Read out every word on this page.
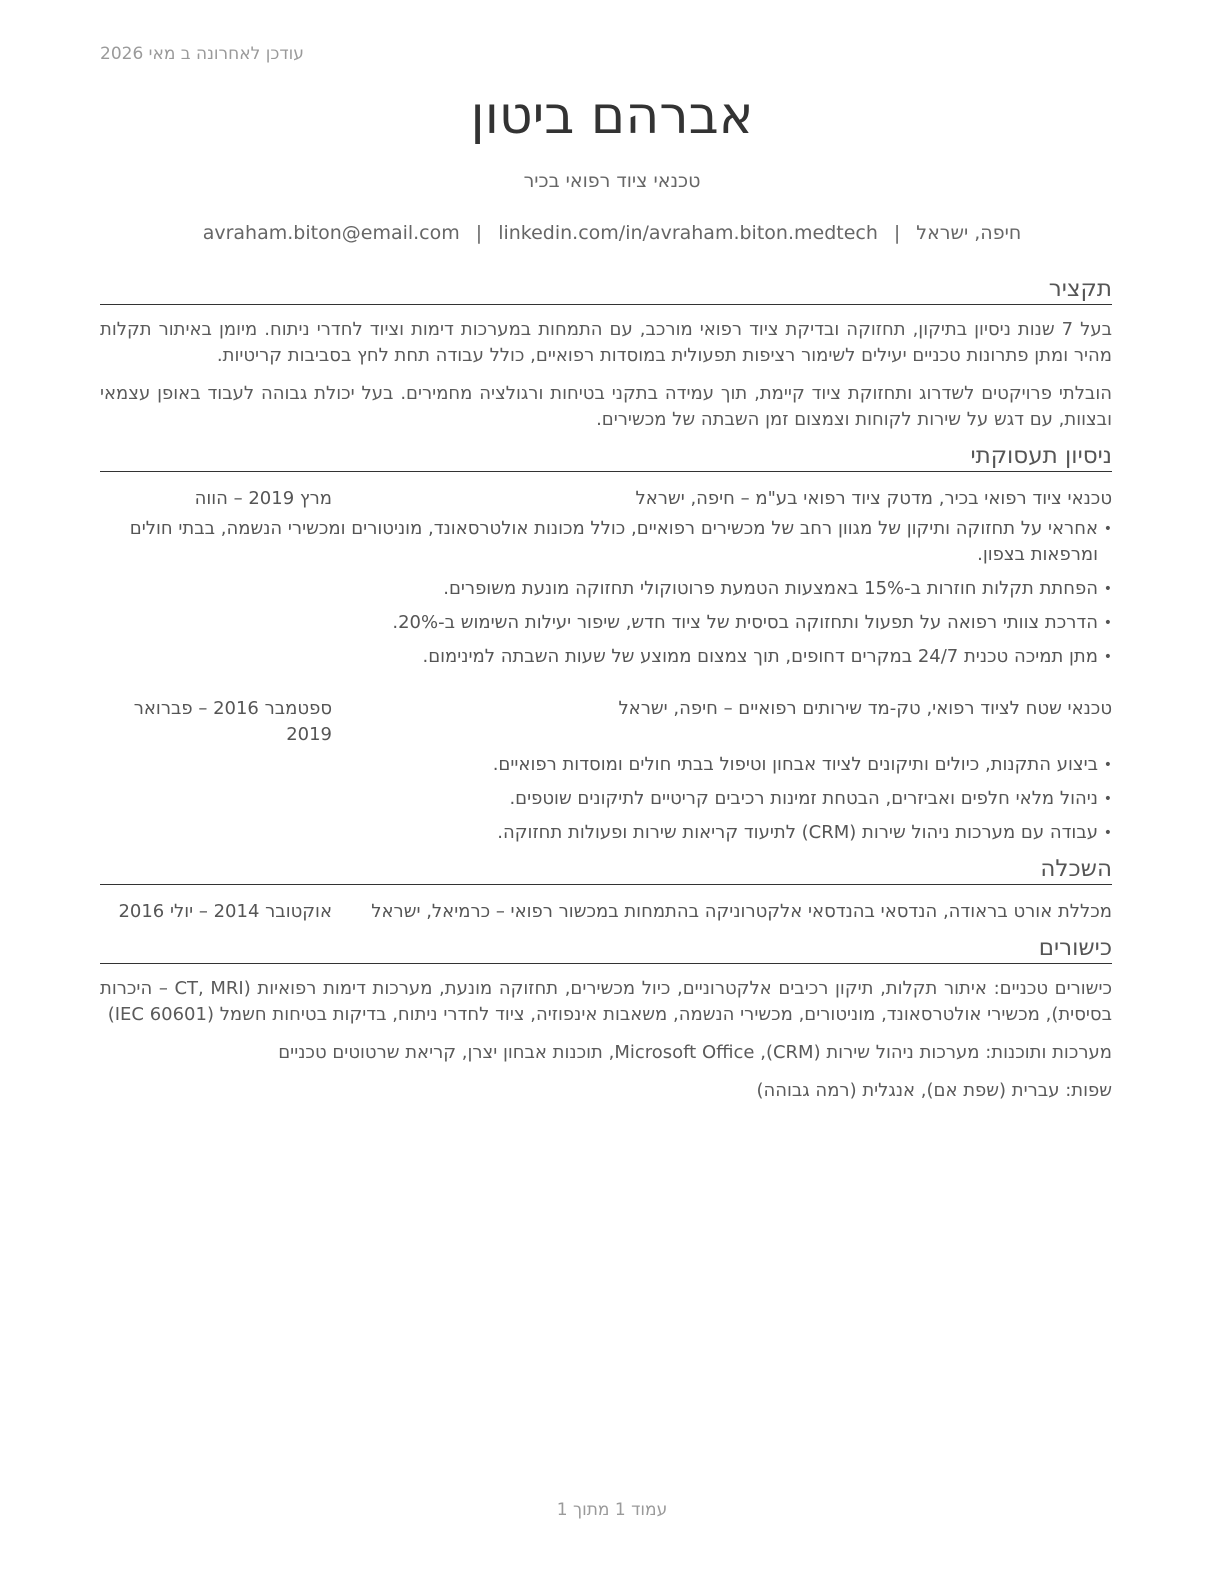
עודכן לאחרונה ב מאי 2026
אברהם ביטון
טכנאי ציוד רפואי בכיר
חיפה, ישראל|avraham.biton@email.com | linkedin.com/in/avraham.biton.medtech
תקציר

בעל 7 שנות ניסיון בתיקון, תחזוקה ובדיקת ציוד רפואי מורכב, עם התמחות במערכות דימות וציוד לחדרי ניתוח. מיומן באיתור תקלות מהיר ומתן פתרונות טכניים יעילים לשימור רציפות תפעולית במוסדות רפואיים, כולל עבודה תחת לחץ בסביבות קריטיות.

הובלתי פרויקטים לשדרוג ותחזוקת ציוד קיימת, תוך עמידה בתקני בטיחות ורגולציה מחמירים. בעל יכולת גבוהה לעבוד באופן עצמאי ובצוות, עם דגש על שירות לקוחות וצמצום זמן השבתה של מכשירים.

ניסיון תעסוקתי
טכנאי ציוד רפואי בכיר, מדטק ציוד רפואי בע"מ – חיפה, ישראל
מרץ 2019 – הווה
• אחראי על תחזוקה ותיקון של מגוון רחב של מכשירים רפואיים, כולל מכונות אולטרסאונד, מוניטורים ומכשירי הנשמה, בבתי חולים ומרפאות בצפון.
• הפחתת תקלות חוזרות ב-15% באמצעות הטמעת פרוטוקולי תחזוקה מונעת משופרים.
• הדרכת צוותי רפואה על תפעול ותחזוקה בסיסית של ציוד חדש, שיפור יעילות השימוש ב-20%.
• מתן תמיכה טכנית 24/7 במקרים דחופים, תוך צמצום ממוצע של שעות השבתה למינימום.
טכנאי שטח לציוד רפואי, טק-מד שירותים רפואיים – חיפה, ישראל
ספטמבר 2016 – פברואר 2019
• ביצוע התקנות, כיולים ותיקונים לציוד אבחון וטיפול בבתי חולים ומוסדות רפואיים.
• ניהול מלאי חלפים ואביזרים, הבטחת זמינות רכיבים קריטיים לתיקונים שוטפים.
• עבודה עם מערכות ניהול שירות (CRM) לתיעוד קריאות שירות ופעולות תחזוקה.
השכלה
מכללת אורט בראודה, הנדסאי בהנדסאי אלקטרוניקה בהתמחות במכשור רפואי – כרמיאל, ישראל
אוקטובר 2014 – יולי 2016
כישורים

כישורים טכניים: איתור תקלות, תיקון רכיבים אלקטרוניים, כיול מכשירים, תחזוקה מונעת, מערכות דימות רפואיות (CT, MRI – היכרות בסיסית), מכשירי אולטרסאונד, מוניטורים, מכשירי הנשמה, משאבות אינפוזיה, ציוד לחדרי ניתוח, בדיקות בטיחות חשמל (IEC 60601)

מערכות ותוכנות: מערכות ניהול שירות (CRM), Microsoft Office, תוכנות אבחון יצרן, קריאת שרטוטים טכניים

שפות: עברית (שפת אם), אנגלית (רמה גבוהה)

עמוד 1 מתוך 1
